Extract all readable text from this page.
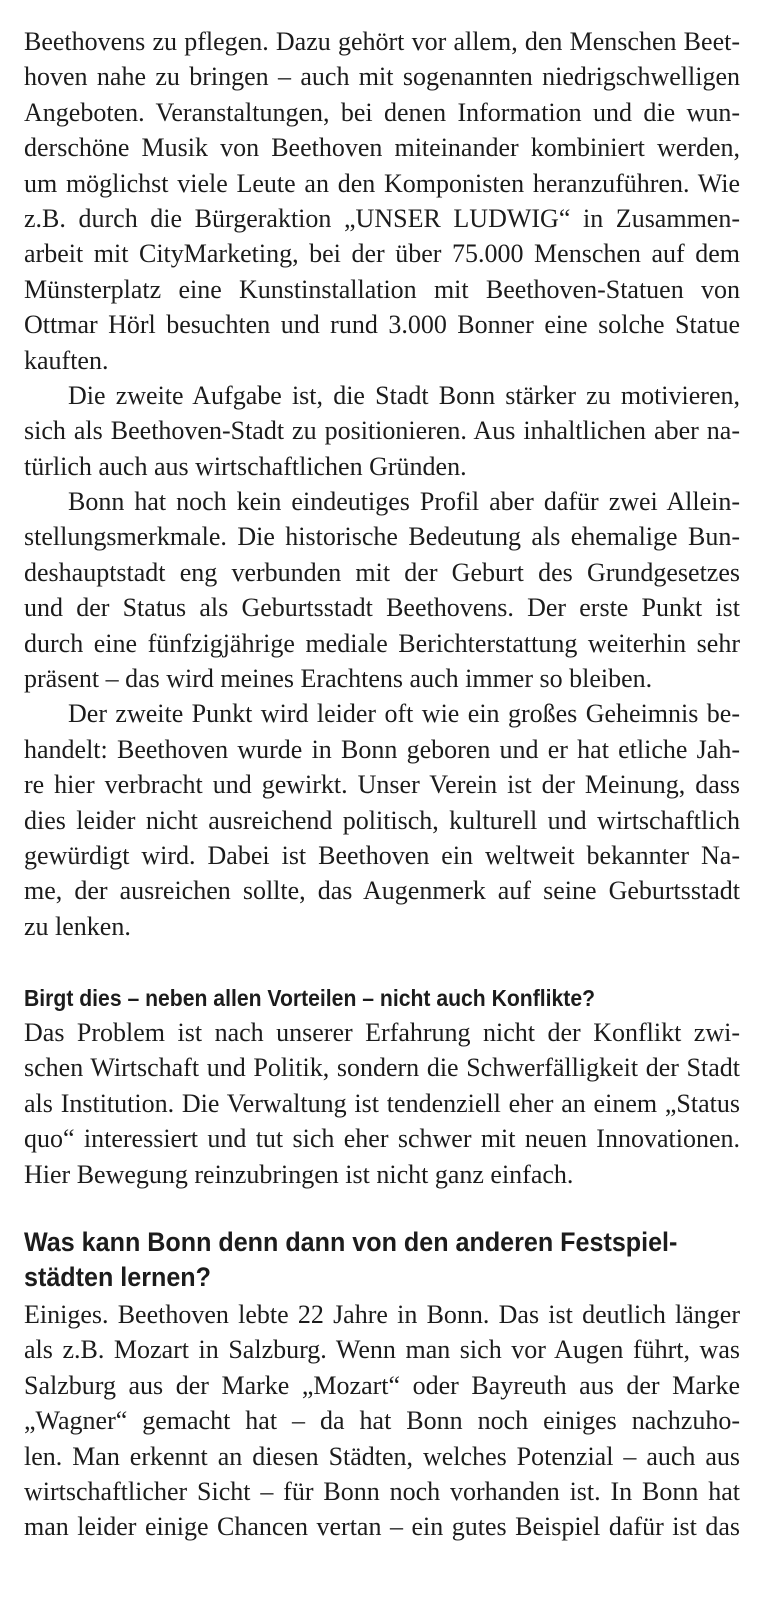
Beethovens zu pflegen. Dazu gehört vor allem, den Menschen Beet-
hoven nahe zu bringen – auch mit sogenannten niedrigschwelligen
Angeboten. Veranstaltungen, bei denen Information und die wun-
derschöne Musik von Beethoven miteinander kombiniert werden,
um möglichst viele Leute an den Komponisten heranzuführen. Wie
z.B. durch die Bürgeraktion „UNSER LUDWIG“ in Zusammen-
arbeit mit CityMarketing, bei der über 75.000 Menschen auf dem
Münsterplatz eine Kunstinstallation mit Beethoven-Statuen von
Ottmar Hörl besuchten und rund 3.000 Bonner eine solche Statue
kauften.
Die zweite Aufgabe ist, die Stadt Bonn stärker zu motivieren,
sich als Beethoven-Stadt zu positionieren. Aus inhaltlichen aber na-
türlich auch aus wirtschaftlichen Gründen.
Bonn hat noch kein eindeutiges Profil aber dafür zwei Allein-
stellungsmerkmale. Die historische Bedeutung als ehemalige Bun-
deshauptstadt eng verbunden mit der Geburt des Grundgesetzes
und der Status als Geburtsstadt Beethovens. Der erste Punkt ist
durch eine fünfzigjährige mediale Berichterstattung weiterhin sehr
präsent – das wird meines Erachtens auch immer so bleiben.
Der zweite Punkt wird leider oft wie ein großes Geheimnis be-
handelt: Beethoven wurde in Bonn geboren und er hat etliche Jah-
re hier verbracht und gewirkt. Unser Verein ist der Meinung, dass
dies leider nicht ausreichend politisch, kulturell und wirtschaftlich
gewürdigt wird. Dabei ist Beethoven ein weltweit bekannter Na-
me, der ausreichen sollte, das Augenmerk auf seine Geburtsstadt
zu lenken.
Birgt dies – neben allen Vorteilen – nicht auch Konflikte?
Das Problem ist nach unserer Erfahrung nicht der Konflikt zwi-
schen Wirtschaft und Politik, sondern die Schwerfälligkeit der Stadt
als Institution. Die Verwaltung ist tendenziell eher an einem „Status
quo“ interessiert und tut sich eher schwer mit neuen Innovationen.
Hier Bewegung reinzubringen ist nicht ganz einfach.
Was kann Bonn denn dann von den anderen Festspiel-
städten lernen?
Einiges. Beethoven lebte 22 Jahre in Bonn. Das ist deutlich länger
als z.B. Mozart in Salzburg. Wenn man sich vor Augen führt, was
Salzburg aus der Marke „Mozart“ oder Bayreuth aus der Marke
„Wagner“ gemacht hat – da hat Bonn noch einiges nachzuho-
len. Man erkennt an diesen Städten, welches Potenzial – auch aus
wirtschaftlicher Sicht – für Bonn noch vorhanden ist. In Bonn hat
man leider einige Chancen vertan – ein gutes Beispiel dafür ist das
